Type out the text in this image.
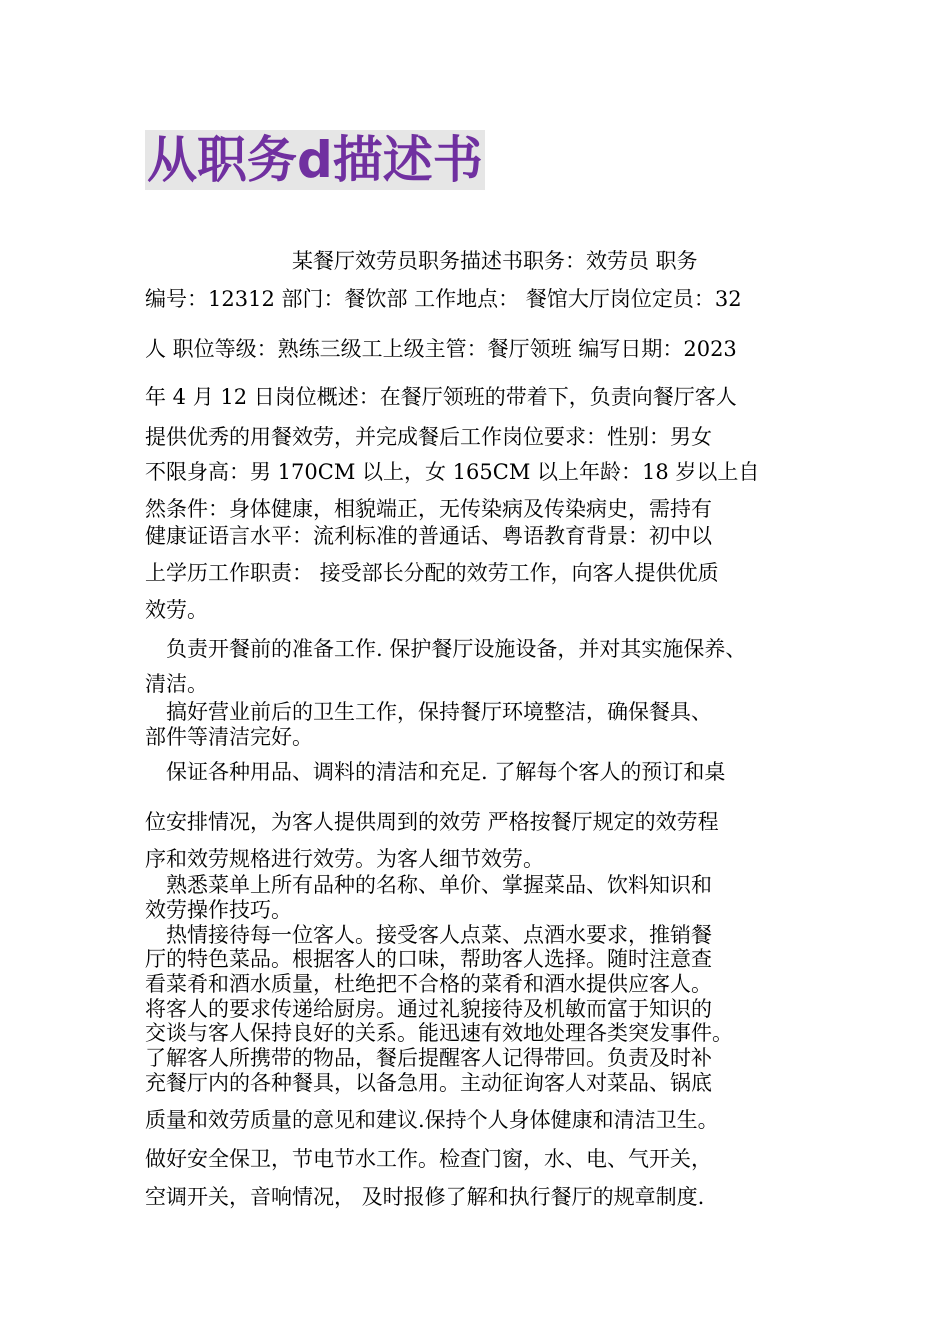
从职务d描述书
　　　　　　　某餐厅效劳员职务描述书职务：效劳员 职务
编号：12312 部门：餐饮部 工作地点： 餐馆大厅岗位定员：32
人 职位等级：熟练三级工上级主管：餐厅领班 编写日期：2023
年 4 月 12 日岗位概述：在餐厅领班的带着下，负责向餐厅客人
提供优秀的用餐效劳，并完成餐后工作岗位要求：性别：男女
不限身高：男 170CM 以上，女 165CM 以上年龄：18 岁以上自
然条件：身体健康，相貌端正，无传染病及传染病史，需持有
健康证语言水平：流利标准的普通话、粤语教育背景：初中以
上学历工作职责： 接受部长分配的效劳工作，向客人提供优质
效劳。
　负责开餐前的准备工作. 保护餐厅设施设备，并对其实施保养、
清洁。
　搞好营业前后的卫生工作，保持餐厅环境整洁，确保餐具、
部件等清洁完好。
　保证各种用品、调料的清洁和充足. 了解每个客人的预订和桌
位安排情况，为客人提供周到的效劳 严格按餐厅规定的效劳程
序和效劳规格进行效劳。为客人细节效劳。
　熟悉菜单上所有品种的名称、单价、掌握菜品、饮料知识和
效劳操作技巧。
　热情接待每一位客人。接受客人点菜、点酒水要求，推销餐
厅的特色菜品。根据客人的口味，帮助客人选择。随时注意查
看菜肴和酒水质量，杜绝把不合格的菜肴和酒水提供应客人。
将客人的要求传递给厨房。通过礼貌接待及机敏而富于知识的
交谈与客人保持良好的关系。能迅速有效地处理各类突发事件。
了解客人所携带的物品，餐后提醒客人记得带回。负责及时补
充餐厅内的各种餐具，以备急用。主动征询客人对菜品、锅底
质量和效劳质量的意见和建议.保持个人身体健康和清洁卫生。
做好安全保卫，节电节水工作。检查门窗，水、电、气开关，
空调开关，音响情况， 及时报修了解和执行餐厅的规章制度.
